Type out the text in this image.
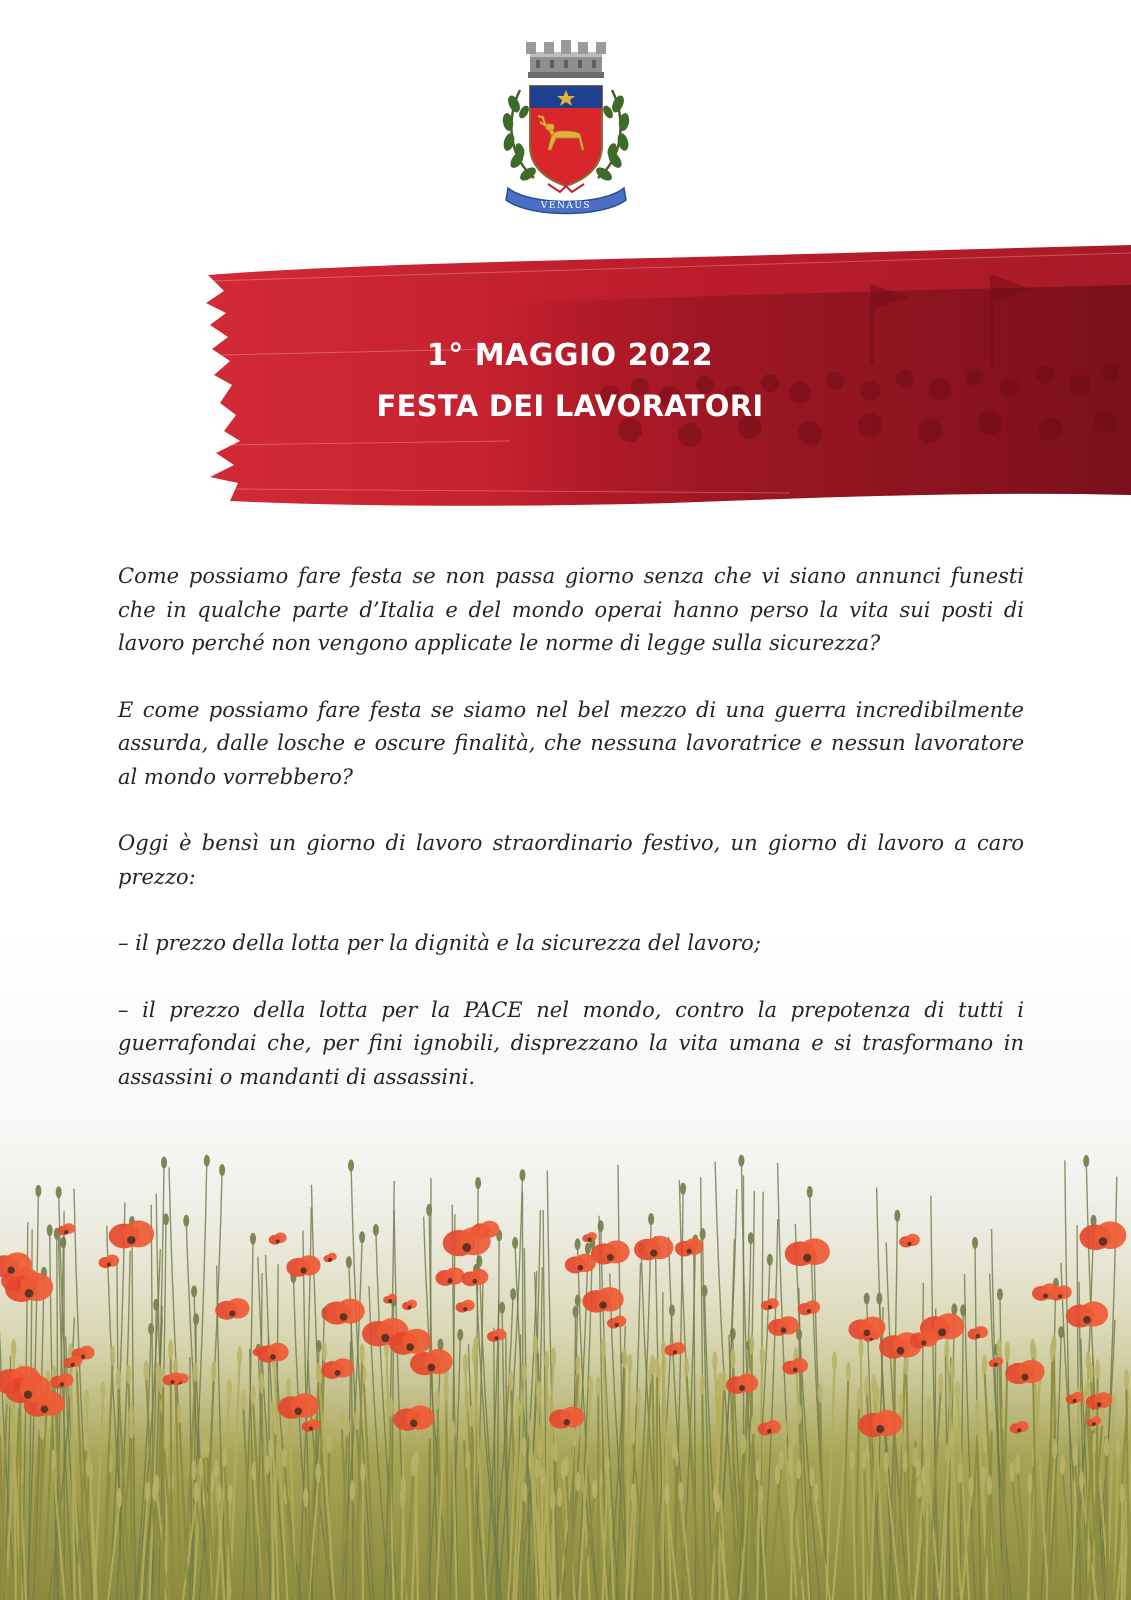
VENAUS
1° MAGGIO 2022
FESTA DEI LAVORATORI

Come possiamo fare festa se non passa giorno senza che vi siano annunci funesti che in qualche parte d’Italia e del mondo operai hanno perso la vita sui posti di lavoro perché non vengono applicate le norme di legge sulla sicurezza?

E come possiamo fare festa se siamo nel bel mezzo di una guerra incredibilmente assurda, dalle losche e oscure finalità, che nessuna lavoratrice e nessun lavoratore al mondo vorrebbero?

Oggi è bensì un giorno di lavoro straordinario festivo, un giorno di lavoro a caro prezzo:

– il prezzo della lotta per la dignità e la sicurezza del lavoro;

– il prezzo della lotta per la PACE nel mondo, contro la prepotenza di tutti i guerrafondai che, per fini ignobili, disprezzano la vita umana e si trasformano in assassini o mandanti di assassini.
